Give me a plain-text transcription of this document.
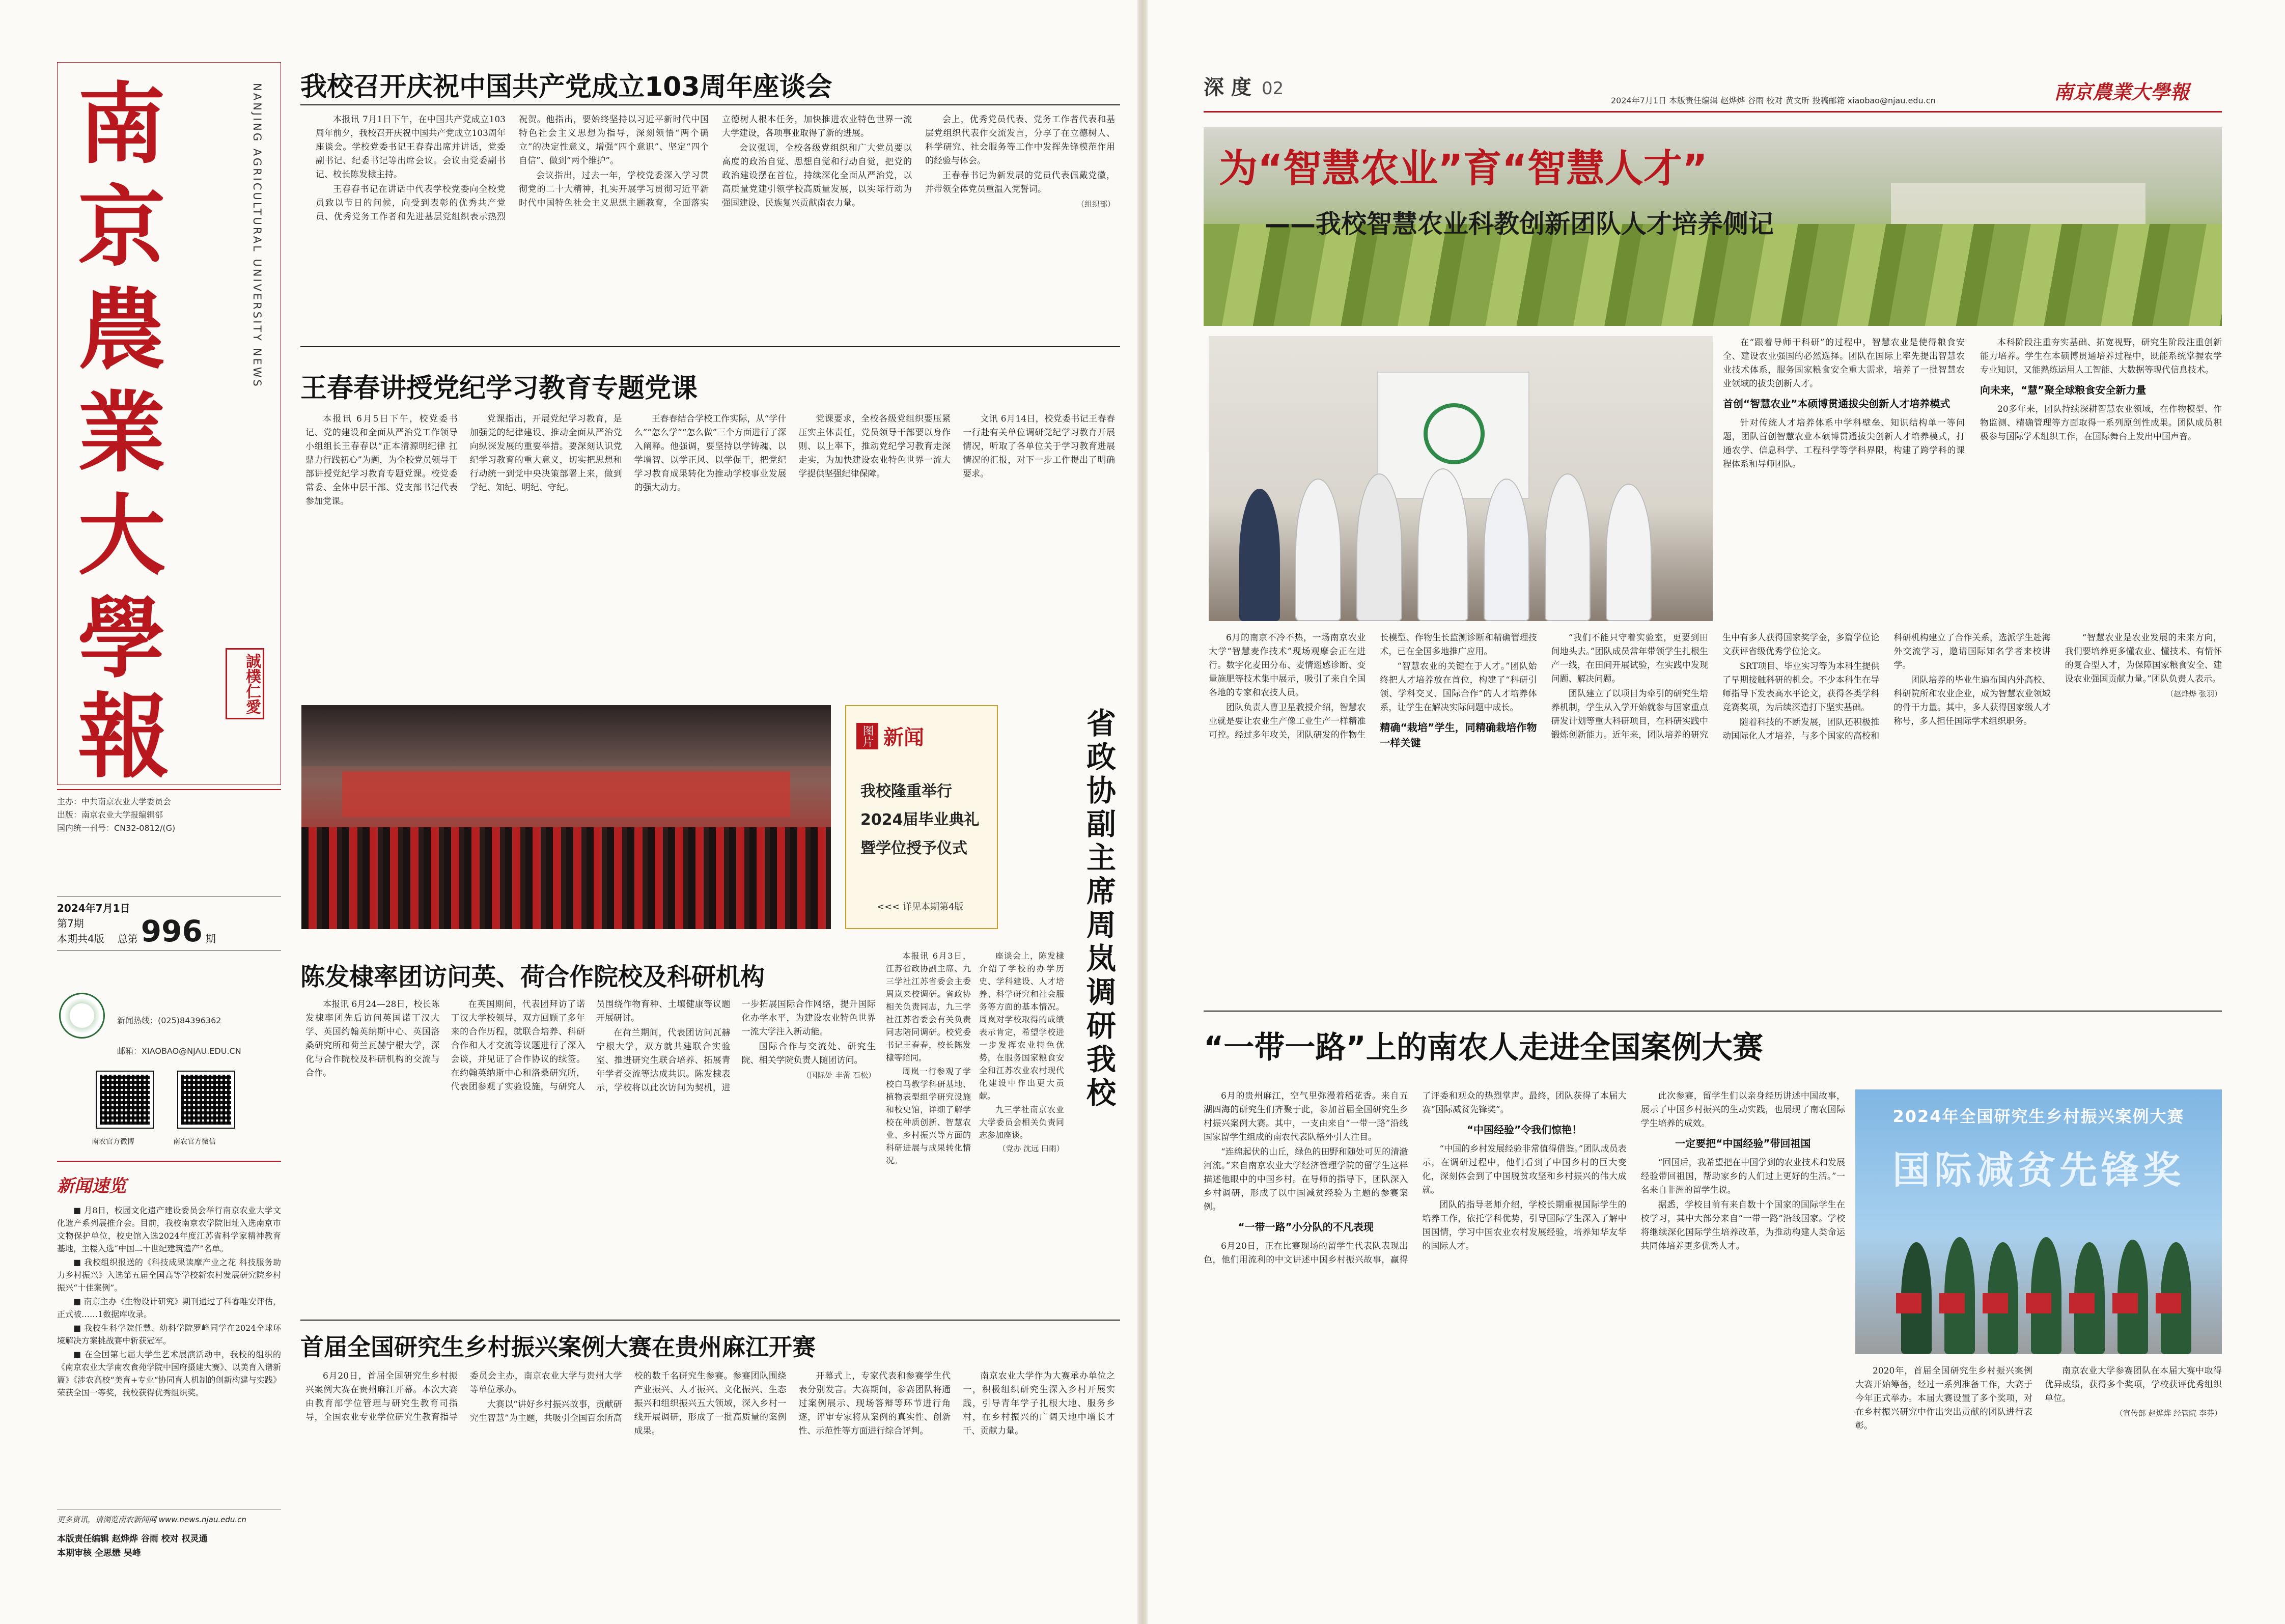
南
京
農
業
大
學
報	誠樸仁愛
NANJING AGRICULTURAL UNIVERSITY NEWS
主办：中共南京农业大学委员会
出版：南京农业大学报编辑部
国内统一刊号：CN32-0812/(G)
2024年7月1日
第7期
本期共4版 总第 996 期
新闻热线：(025)84396362
邮箱：XIAOBAO@NJAU.EDU.CN
南农官方微博	南农官方微信
新闻速览
■ 月8日，校园文化遗产建设委员会举行南京农业大学文化遗产系列展推介会。目前，我校南京农学院旧址入选南京市文物保护单位，校史馆入选2024年度江苏省科学家精神教育基地，主楼入选“中国二十世纪建筑遗产”名单。
■ 我校组织报送的《科技成果读摩产业之花 科技服务助力乡村振兴》入选第五届全国高等学校新农村发展研究院乡村振兴“十佳案例”。
■ 南京主办《生物设计研究》期刊通过了科睿唯安评估，正式被……1数据库收录。
■ 我校生科学院任慧、幼科学院罗峰同学在2024全球环境解决方案挑战赛中斩获冠军。
■ 在全国第七届大学生艺术展演活动中，我校的组织的《南京农业大学南农食苑学院中国府摄建大赛》、以美育入谱新篇》《涉农高校“美育+专业“协同育人机制的创新构建与实践》荣获全国一等奖，我校获得优秀组织奖。
更多资讯，请浏览南农新闻网 www.news.njau.edu.cn
本版责任编辑 赵烨烨 谷雨 校对 权灵通
本期审核 全思懋 吴峰
我校召开庆祝中国共产党成立103周年座谈会
本报讯 7月1日下午，在中国共产党成立103周年前夕，我校召开庆祝中国共产党成立103周年座谈会。学校党委书记王春春出席并讲话，党委副书记、纪委书记等出席会议。会议由党委副书记、校长陈发棣主持。
王春春书记在讲话中代表学校党委向全校党员致以节日的问候，向受到表彰的优秀共产党员、优秀党务工作者和先进基层党组织表示热烈祝贺。他指出，要始终坚持以习近平新时代中国特色社会主义思想为指导，深刻领悟“两个确立”的决定性意义，增强“四个意识”、坚定“四个自信”、做到“两个维护”。
会议指出，过去一年，学校党委深入学习贯彻党的二十大精神，扎实开展学习贯彻习近平新时代中国特色社会主义思想主题教育，全面落实立德树人根本任务，加快推进农业特色世界一流大学建设，各项事业取得了新的进展。
会议强调，全校各级党组织和广大党员要以高度的政治自觉、思想自觉和行动自觉，把党的政治建设摆在首位，持续深化全面从严治党，以高质量党建引领学校高质量发展，以实际行动为强国建设、民族复兴贡献南农力量。
会上，优秀党员代表、党务工作者代表和基层党组织代表作交流发言，分享了在立德树人、科学研究、社会服务等工作中发挥先锋模范作用的经验与体会。
王春春书记为新发展的党员代表佩戴党徽，并带领全体党员重温入党誓词。
（组织部）
王春春讲授党纪学习教育专题党课
本报讯 6月5日下午，校党委书记、党的建设和全面从严治党工作领导小组组长王春春以“正本清源明纪律 扛鼎力行践初心”为题，为全校党员领导干部讲授党纪学习教育专题党课。校党委常委、全体中层干部、党支部书记代表参加党课。
党课指出，开展党纪学习教育，是加强党的纪律建设、推动全面从严治党向纵深发展的重要举措。要深刻认识党纪学习教育的重大意义，切实把思想和行动统一到党中央决策部署上来，做到学纪、知纪、明纪、守纪。
王春春结合学校工作实际，从“学什么”“怎么学”“怎么做”三个方面进行了深入阐释。他强调，要坚持以学铸魂、以学增智、以学正风、以学促干，把党纪学习教育成果转化为推动学校事业发展的强大动力。
党课要求，全校各级党组织要压紧压实主体责任，党员领导干部要以身作则、以上率下，推动党纪学习教育走深走实，为加快建设农业特色世界一流大学提供坚强纪律保障。
文讯 6月14日，校党委书记王春春一行赴有关单位调研党纪学习教育开展情况，听取了各单位关于学习教育进展情况的汇报，对下一步工作提出了明确要求。
图片 新闻
我校隆重举行2024届毕业典礼暨学位授予仪式
<<< 详见本期第4版	省政协副主席周岚调研我校
本报讯 6月3日，江苏省政协副主席、九三学社江苏省委会主委周岚来校调研。省政协相关负责同志，九三学社江苏省委会有关负责同志陪同调研。校党委书记王春春，校长陈发棣等陪同。
周岚一行参观了学校白马教学科研基地、植物表型组学研究设施和校史馆，详细了解学校在种质创新、智慧农业、乡村振兴等方面的科研进展与成果转化情况。
座谈会上，陈发棣介绍了学校的办学历史、学科建设、人才培养、科学研究和社会服务等方面的基本情况。周岚对学校取得的成绩表示肯定，希望学校进一步发挥农业特色优势，在服务国家粮食安全和江苏农业农村现代化建设中作出更大贡献。
九三学社南京农业大学委员会相关负责同志参加座谈。
（党办 沈远 田雨）
陈发棣率团访问英、荷合作院校及科研机构
本报讯 6月24—28日，校长陈发棣率团先后访问英国诺丁汉大学、英国约翰英纳斯中心、英国洛桑研究所和荷兰瓦赫宁根大学，深化与合作院校及科研机构的交流与合作。
在英国期间，代表团拜访了诺丁汉大学校领导，双方回顾了多年来的合作历程，就联合培养、科研合作和人才交流等议题进行了深入会谈，并见证了合作协议的续签。在约翰英纳斯中心和洛桑研究所，代表团参观了实验设施，与研究人员围绕作物育种、土壤健康等议题开展研讨。
在荷兰期间，代表团访问瓦赫宁根大学，双方就共建联合实验室、推进研究生联合培养、拓展青年学者交流等达成共识。陈发棣表示，学校将以此次访问为契机，进一步拓展国际合作网络，提升国际化办学水平，为建设农业特色世界一流大学注入新动能。
国际合作与交流处、研究生院、相关学院负责人随团访问。
（国际处 丰蕾 石松）
首届全国研究生乡村振兴案例大赛在贵州麻江开赛
6月20日，首届全国研究生乡村振兴案例大赛在贵州麻江开幕。本次大赛由教育部学位管理与研究生教育司指导，全国农业专业学位研究生教育指导委员会主办，南京农业大学与贵州大学等单位承办。
大赛以“讲好乡村振兴故事，贡献研究生智慧”为主题，共吸引全国百余所高校的数千名研究生参赛。参赛团队围绕产业振兴、人才振兴、文化振兴、生态振兴和组织振兴五大领域，深入乡村一线开展调研，形成了一批高质量的案例成果。
开幕式上，专家代表和参赛学生代表分别发言。大赛期间，参赛团队将通过案例展示、现场答辩等环节进行角逐，评审专家将从案例的真实性、创新性、示范性等方面进行综合评判。
南京农业大学作为大赛承办单位之一，积极组织研究生深入乡村开展实践，引导青年学子扎根大地、服务乡村，在乡村振兴的广阔天地中增长才干、贡献力量。
深 度 02
2024年7月1日 本版责任编辑 赵烨烨 谷雨 校对 黄文昕 投稿邮箱 xiaobao@njau.edu.cn	南京農業大學報
为“智慧农业”育“智慧人才”
——我校智慧农业科教创新团队人才培养侧记
在“跟着导师干科研”的过程中，智慧农业是使得粮食安全、建设农业强国的必然选择。团队在国际上率先提出智慧农业技术体系，服务国家粮食安全重大需求，培养了一批智慧农业领域的拔尖创新人才。
首创“智慧农业”本硕博贯通拔尖创新人才培养模式
针对传统人才培养体系中学科壁垒、知识结构单一等问题，团队首创智慧农业本硕博贯通拔尖创新人才培养模式，打通农学、信息科学、工程科学等学科界限，构建了跨学科的课程体系和导师团队。
本科阶段注重夯实基础、拓宽视野，研究生阶段注重创新能力培养。学生在本硕博贯通培养过程中，既能系统掌握农学专业知识，又能熟练运用人工智能、大数据等现代信息技术。
向未来，“慧”聚全球粮食安全新力量
20多年来，团队持续深耕智慧农业领域，在作物模型、作物监测、精确管理等方面取得一系列原创性成果。团队成员积极参与国际学术组织工作，在国际舞台上发出中国声音。
6月的南京不冷不热，一场南京农业大学“智慧麦作技术”现场观摩会正在进行。数字化麦田分布、麦情遥感诊断、变量施肥等技术集中展示，吸引了来自全国各地的专家和农技人员。
团队负责人曹卫星教授介绍，智慧农业就是要让农业生产像工业生产一样精准可控。经过多年攻关，团队研发的作物生长模型、作物生长监测诊断和精确管理技术，已在全国多地推广应用。
“智慧农业的关键在于人才。”团队始终把人才培养放在首位，构建了“科研引领、学科交叉、国际合作”的人才培养体系，让学生在解决实际问题中成长。
精确“栽培”学生，同精确栽培作物一样关键
“我们不能只守着实验室，更要到田间地头去。”团队成员常年带领学生扎根生产一线，在田间开展试验，在实践中发现问题、解决问题。
团队建立了以项目为牵引的研究生培养机制，学生从入学开始就参与国家重点研发计划等重大科研项目，在科研实践中锻炼创新能力。近年来，团队培养的研究生中有多人获得国家奖学金，多篇学位论文获评省级优秀学位论文。
SRT项目、毕业实习等为本科生提供了早期接触科研的机会。不少本科生在导师指导下发表高水平论文，获得各类学科竞赛奖项，为后续深造打下坚实基础。
随着科技的不断发展，团队还积极推动国际化人才培养，与多个国家的高校和科研机构建立了合作关系，选派学生赴海外交流学习，邀请国际知名学者来校讲学。
团队培养的毕业生遍布国内外高校、科研院所和农业企业，成为智慧农业领域的骨干力量。其中，多人获得国家级人才称号，多人担任国际学术组织职务。
“智慧农业是农业发展的未来方向，我们要培养更多懂农业、懂技术、有情怀的复合型人才，为保障国家粮食安全、建设农业强国贡献力量。”团队负责人表示。
（赵烨烨 张羽）
“一带一路”上的南农人走进全国案例大赛
6月的贵州麻江，空气里弥漫着稻花香。来自五湖四海的研究生们齐聚于此，参加首届全国研究生乡村振兴案例大赛。其中，一支由来自“一带一路”沿线国家留学生组成的南农代表队格外引人注目。
“连绵起伏的山丘，绿色的田野和随处可见的清澈河流。”来自南京农业大学经济管理学院的留学生这样描述他眼中的中国乡村。在导师的指导下，团队深入乡村调研，形成了以中国减贫经验为主题的参赛案例。
“一带一路”小分队的不凡表现
6月20日，正在比赛现场的留学生代表队表现出色，他们用流利的中文讲述中国乡村振兴故事，赢得了评委和观众的热烈掌声。最终，团队获得了本届大赛“国际减贫先锋奖”。
“中国经验”令我们惊艳！
“中国的乡村发展经验非常值得借鉴。”团队成员表示，在调研过程中，他们看到了中国乡村的巨大变化，深刻体会到了中国脱贫攻坚和乡村振兴的伟大成就。
团队的指导老师介绍，学校长期重视国际学生的培养工作，依托学科优势，引导国际学生深入了解中国国情，学习中国农业农村发展经验，培养知华友华的国际人才。
此次参赛，留学生们以亲身经历讲述中国故事，展示了中国乡村振兴的生动实践，也展现了南农国际学生培养的成效。
一定要把“中国经验”带回祖国
“回国后，我希望把在中国学到的农业技术和发展经验带回祖国，帮助家乡的人们过上更好的生活。”一名来自非洲的留学生说。
据悉，学校目前有来自数十个国家的国际学生在校学习，其中大部分来自“一带一路”沿线国家。学校将继续深化国际学生培养改革，为推动构建人类命运共同体培养更多优秀人才。
2024年全国研究生乡村振兴案例大赛
国际减贫先锋奖
2020年，首届全国研究生乡村振兴案例大赛开始筹备，经过一系列准备工作，大赛于今年正式举办。本届大赛设置了多个奖项，对在乡村振兴研究中作出突出贡献的团队进行表彰。
南京农业大学参赛团队在本届大赛中取得优异成绩，获得多个奖项，学校获评优秀组织单位。
（宣传部 赵烨烨 经管院 李芬）
